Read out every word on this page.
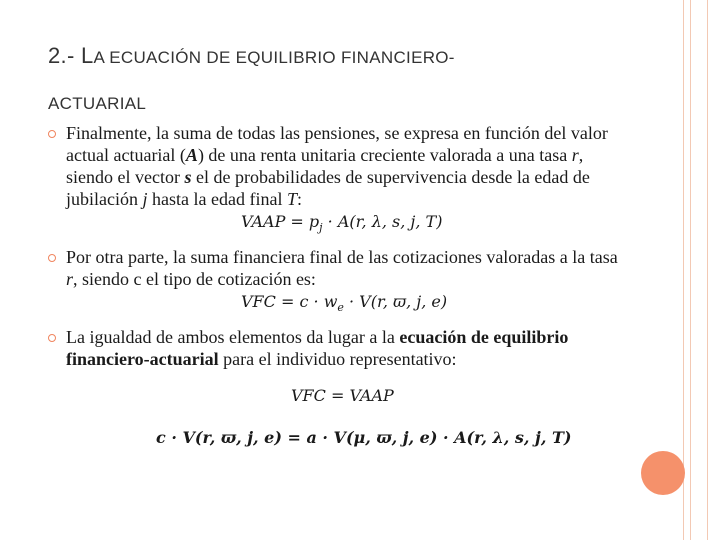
2.- LA ECUACIÓN DE EQUILIBRIO FINANCIERO-
ACTUARIAL
Finalmente, la suma de todas las pensiones, se expresa en función del valor actual actuarial (A) de una renta unitaria creciente valorada a una tasa r, siendo el vector s el de probabilidades de supervivencia desde la edad de jubilación j hasta la edad final T:
VAAP = $p_j \cdot A(r$, λ, s, j, T)
Por otra parte, la suma financiera final de las cotizaciones valoradas a la tasa r, siendo c el tipo de cotización es:
VFC = $c \cdot w_e \cdot V(r$, ϖ, j, e)
La igualdad de ambos elementos da lugar a la ecuación de equilibrio financiero-actuarial para el individuo representativo:
VFC = VAAP
c · V(r, ϖ, j, e) = a · V(μ, ϖ, j, e) · A(r, λ, s, j, T)
